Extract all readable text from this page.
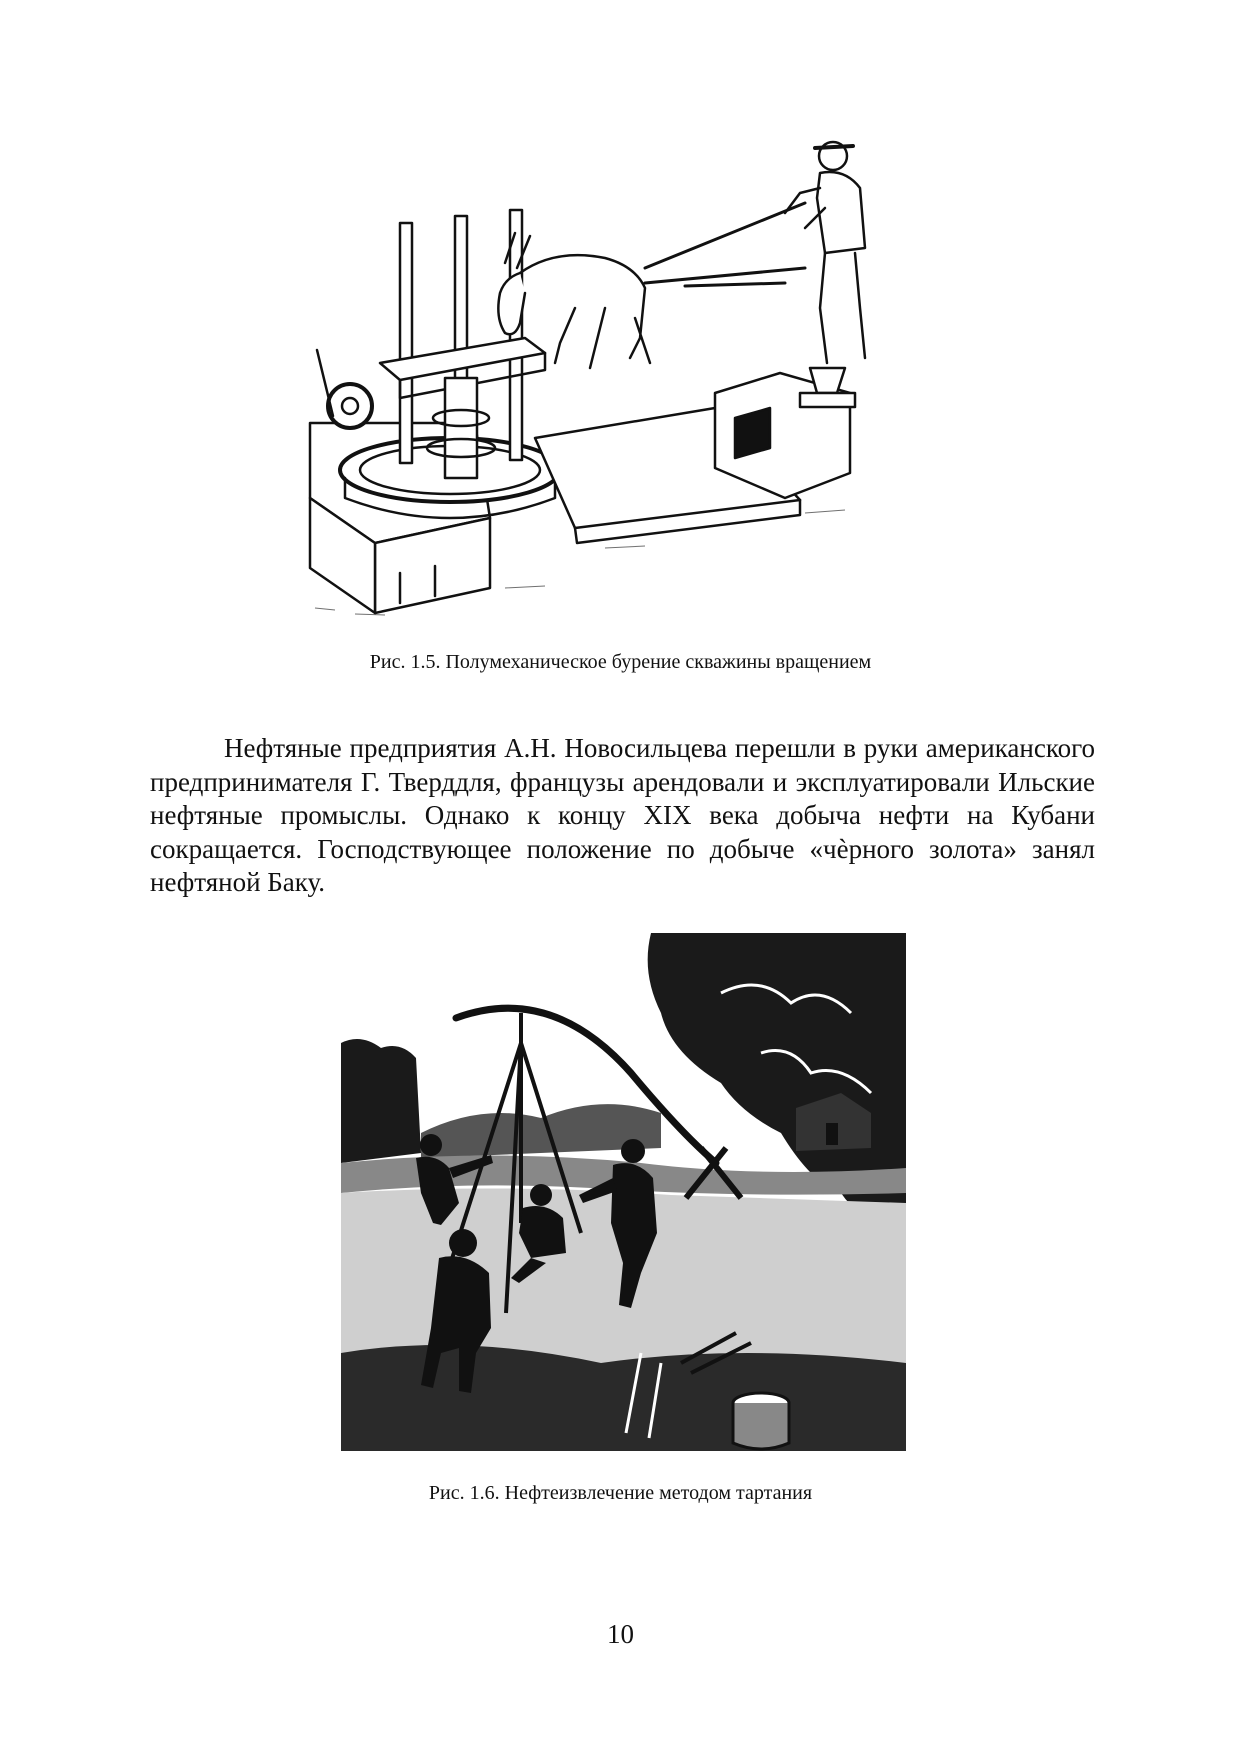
Рис. 1.5. Полумеханическое бурение скважины вращением

Нефтяные предприятия А.Н. Новосильцева перешли в руки американского предпринимателя Г. Тверддля, французы арендовали и эксплуатировали Ильские нефтяные промыслы. Однако к концу XIX века добыча нефти на Кубани сокращается. Господствующее положение по добыче «чѐрного золота» занял нефтяной Баку.

Рис. 1.6. Нефтеизвлечение методом тартания

10
